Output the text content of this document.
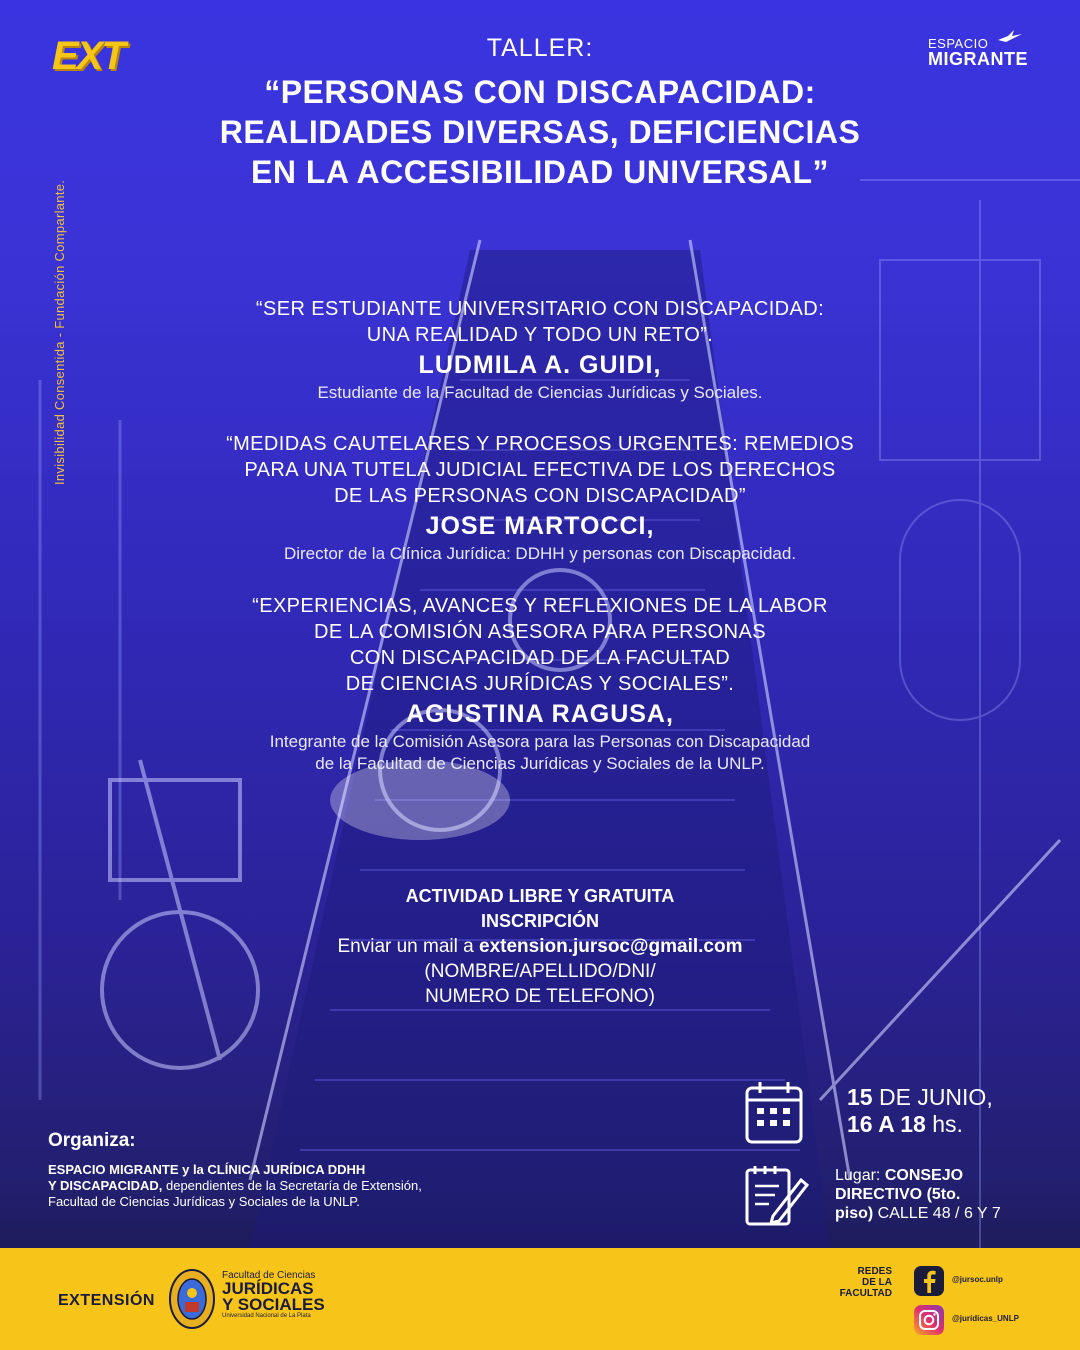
EXT
Invisibilidad Consentida - Fundación Comparlante.
ESPACIO
MIGRANTE
TALLER:
“PERSONAS CON DISCAPACIDAD:
REALIDADES DIVERSAS, DEFICIENCIAS
EN LA ACCESIBILIDAD UNIVERSAL”
“SER ESTUDIANTE UNIVERSITARIO CON DISCAPACIDAD:
UNA REALIDAD Y TODO UN RETO”.
LUDMILA A. GUIDI,
Estudiante de la Facultad de Ciencias Jurídicas y Sociales.
“MEDIDAS CAUTELARES Y PROCESOS URGENTES: REMEDIOS
PARA UNA TUTELA JUDICIAL EFECTIVA DE LOS DERECHOS
DE LAS PERSONAS CON DISCAPACIDAD”
JOSE MARTOCCI,
Director de la Clínica Jurídica: DDHH y personas con Discapacidad.
“EXPERIENCIAS, AVANCES Y REFLEXIONES DE LA LABOR
DE LA COMISIÓN ASESORA PARA PERSONAS
CON DISCAPACIDAD DE LA FACULTAD
DE CIENCIAS JURÍDICAS Y SOCIALES”.
AGUSTINA RAGUSA,
Integrante de la Comisión Asesora para las Personas con Discapacidad
de la Facultad de Ciencias Jurídicas y Sociales de la UNLP.
ACTIVIDAD LIBRE Y GRATUITA
INSCRIPCIÓN
Enviar un mail a extension.jursoc@gmail.com
(NOMBRE/APELLIDO/DNI/
NUMERO DE TELEFONO)
Organiza:

ESPACIO MIGRANTE y la CLÍNICA JURÍDICA DDHH

Y DISCAPACIDAD, dependientes de la Secretaría de Extensión,

Facultad de Ciencias Jurídicas y Sociales de la UNLP.

15 DE JUNIO,
16 A 18 hs.
Lugar: CONSEJO
DIRECTIVO (5to.
piso) CALLE 48 / 6 Y 7
EXTENSIÓN
Facultad de Ciencias
JURÍDICAS
Y SOCIALES
Universidad Nacional de La Plata
REDES
DE LA
FACULTAD
@jursoc.unlp
@jurídicas_UNLP
